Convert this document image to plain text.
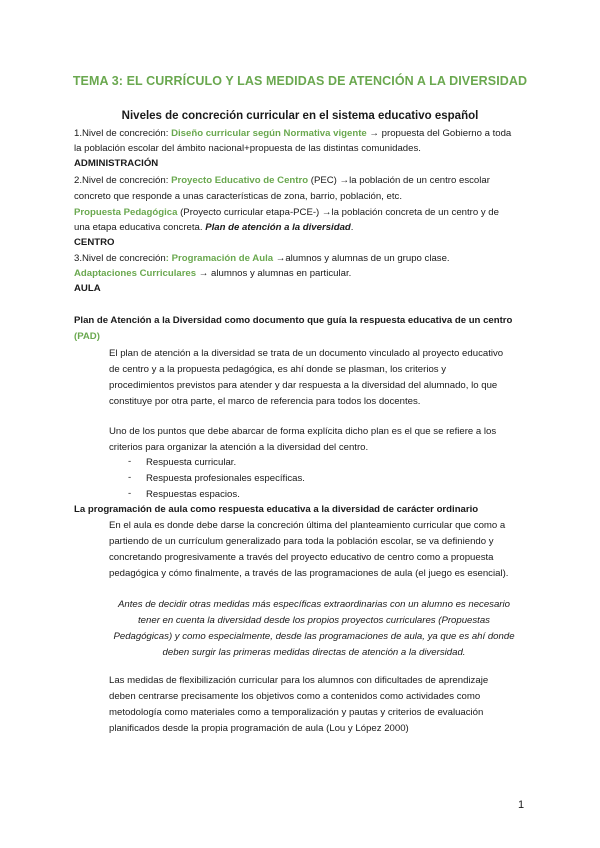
TEMA 3: EL CURRÍCULO Y LAS MEDIDAS DE ATENCIÓN A LA DIVERSIDAD
Niveles de concreción curricular en el sistema educativo español
1.Nivel de concreción: Diseño curricular según Normativa vigente → propuesta del Gobierno a toda
la población escolar del ámbito nacional+propuesta de las distintas comunidades.
ADMINISTRACIÓN
2.Nivel de concreción: Proyecto Educativo de Centro (PEC) →la población de un centro escolar
concreto que responde a unas características de zona, barrio, población, etc.
Propuesta Pedagógica (Proyecto curricular etapa-PCE-) →la población concreta de un centro y de
una etapa educativa concreta. Plan de atención a la diversidad.
CENTRO
3.Nivel de concreción: Programación de Aula →alumnos y alumnas de un grupo clase.
Adaptaciones Curriculares → alumnos y alumnas en particular.
AULA
Plan de Atención a la Diversidad como documento que guía la respuesta educativa de un centro
(PAD)
El plan de atención a la diversidad se trata de un documento vinculado al proyecto educativo
de centro y a la propuesta pedagógica, es ahí donde se plasman, los criterios y
procedimientos previstos para atender y dar respuesta a la diversidad del alumnado, lo que
constituye por otra parte, el marco de referencia para todos los docentes.
Uno de los puntos que debe abarcar de forma explícita dicho plan es el que se refiere a los
criterios para organizar la atención a la diversidad del centro.
- Respuesta curricular.
- Respuesta profesionales específicas.
- Respuestas espacios.
La programación de aula como respuesta educativa a la diversidad de carácter ordinario
En el aula es donde debe darse la concreción última del planteamiento curricular que como a
partiendo de un currículum generalizado para toda la población escolar, se va definiendo y
concretando progresivamente a través del proyecto educativo de centro como a propuesta
pedagógica y cómo finalmente, a través de las programaciones de aula (el juego es esencial).
Antes de decidir otras medidas más específicas extraordinarias con un alumno es necesario
tener en cuenta la diversidad desde los propios proyectos curriculares (Propuestas
Pedagógicas) y como especialmente, desde las programaciones de aula, ya que es ahí donde
deben surgir las primeras medidas directas de atención a la diversidad.
Las medidas de flexibilización curricular para los alumnos con dificultades de aprendizaje
deben centrarse precisamente los objetivos como a contenidos como actividades como
metodología como materiales como a temporalización y pautas y criterios de evaluación
planificados desde la propia programación de aula (Lou y López 2000)
1
